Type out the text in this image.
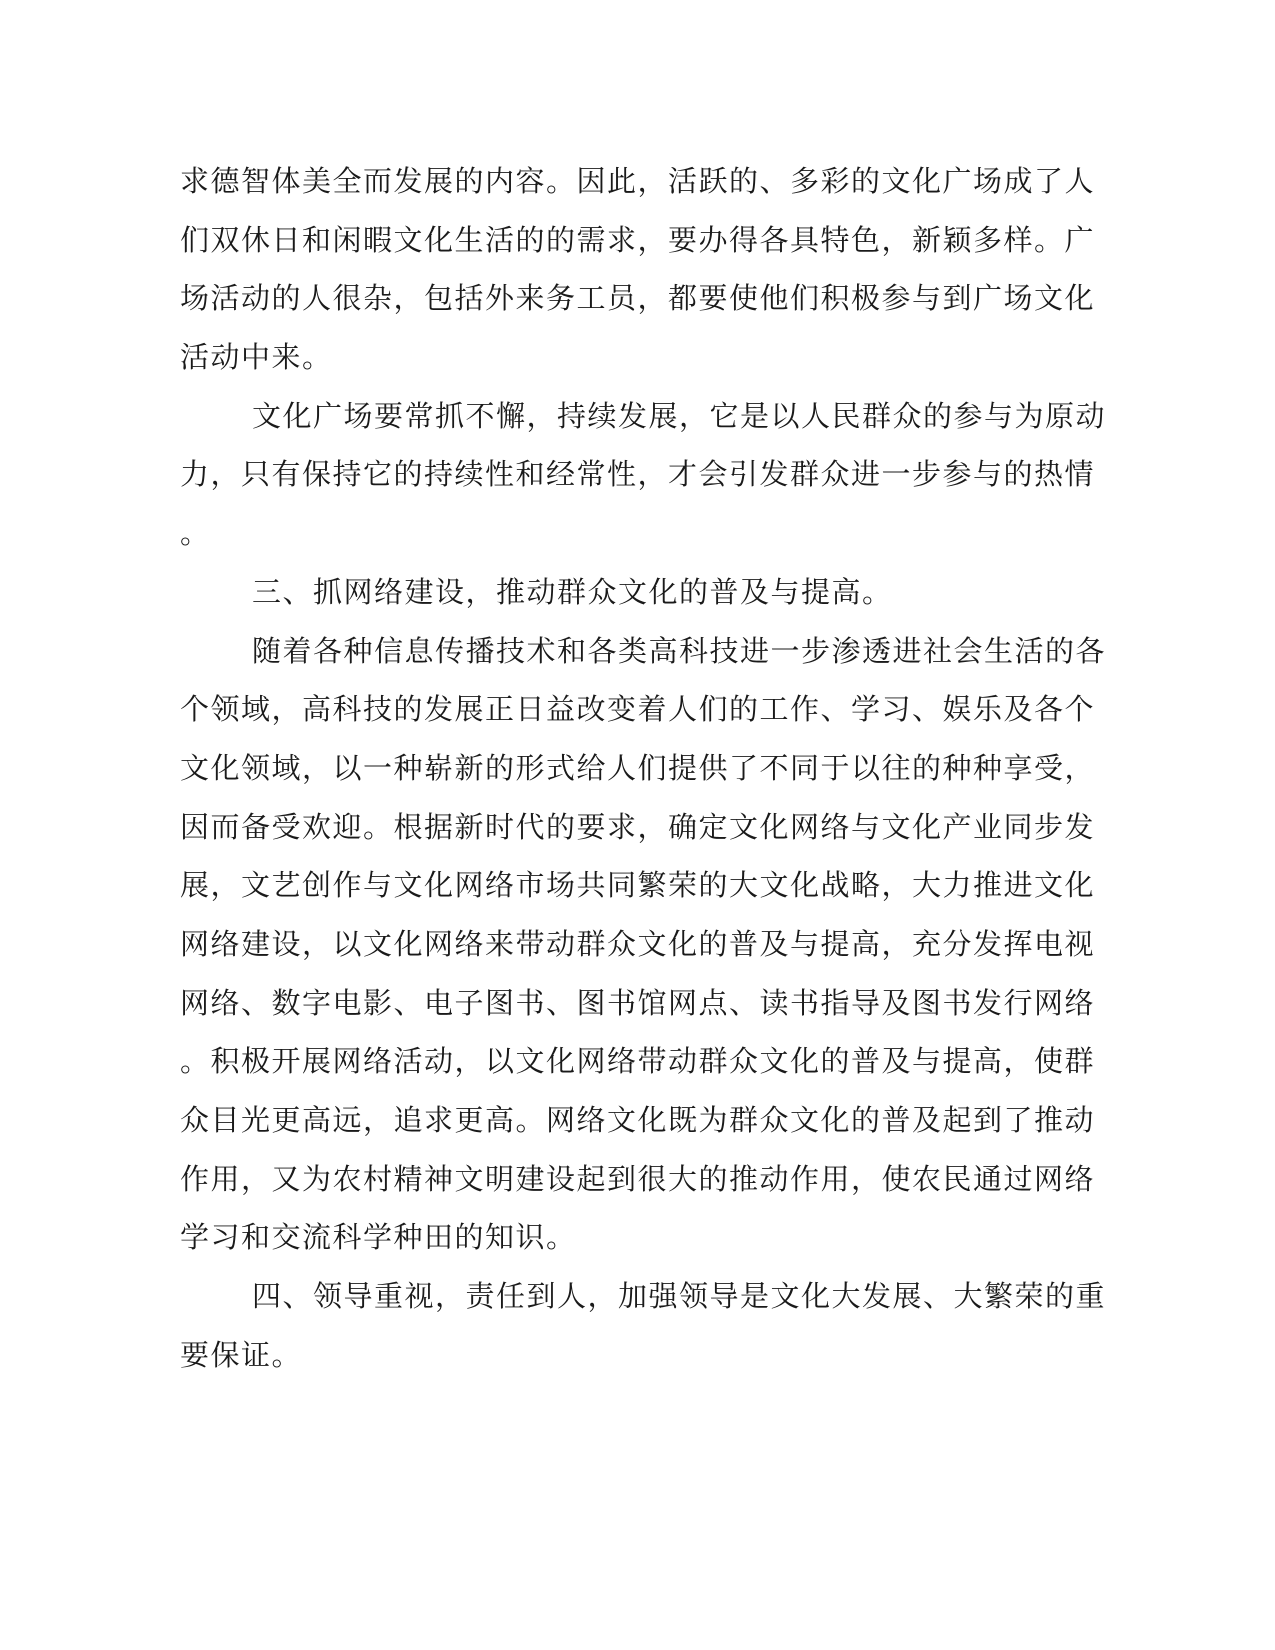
求德智体美全而发展的内容。因此，活跃的、多彩的文化广场成了人
们双休日和闲暇文化生活的的需求，要办得各具特色，新颖多样。广
场活动的人很杂，包括外来务工员，都要使他们积极参与到广场文化
活动中来。
文化广场要常抓不懈，持续发展，它是以人民群众的参与为原动
力，只有保持它的持续性和经常性，才会引发群众进一步参与的热情
。
三、抓网络建设，推动群众文化的普及与提高。
随着各种信息传播技术和各类高科技进一步渗透进社会生活的各
个领域，高科技的发展正日益改变着人们的工作、学习、娱乐及各个
文化领域，以一种崭新的形式给人们提供了不同于以往的种种享受，
因而备受欢迎。根据新时代的要求，确定文化网络与文化产业同步发
展，文艺创作与文化网络市场共同繁荣的大文化战略，大力推进文化
网络建设，以文化网络来带动群众文化的普及与提高，充分发挥电视
网络、数字电影、电子图书、图书馆网点、读书指导及图书发行网络
。积极开展网络活动，以文化网络带动群众文化的普及与提高，使群
众目光更高远，追求更高。网络文化既为群众文化的普及起到了推动
作用，又为农村精神文明建设起到很大的推动作用，使农民通过网络
学习和交流科学种田的知识。
四、领导重视，责任到人，加强领导是文化大发展、大繁荣的重
要保证。
